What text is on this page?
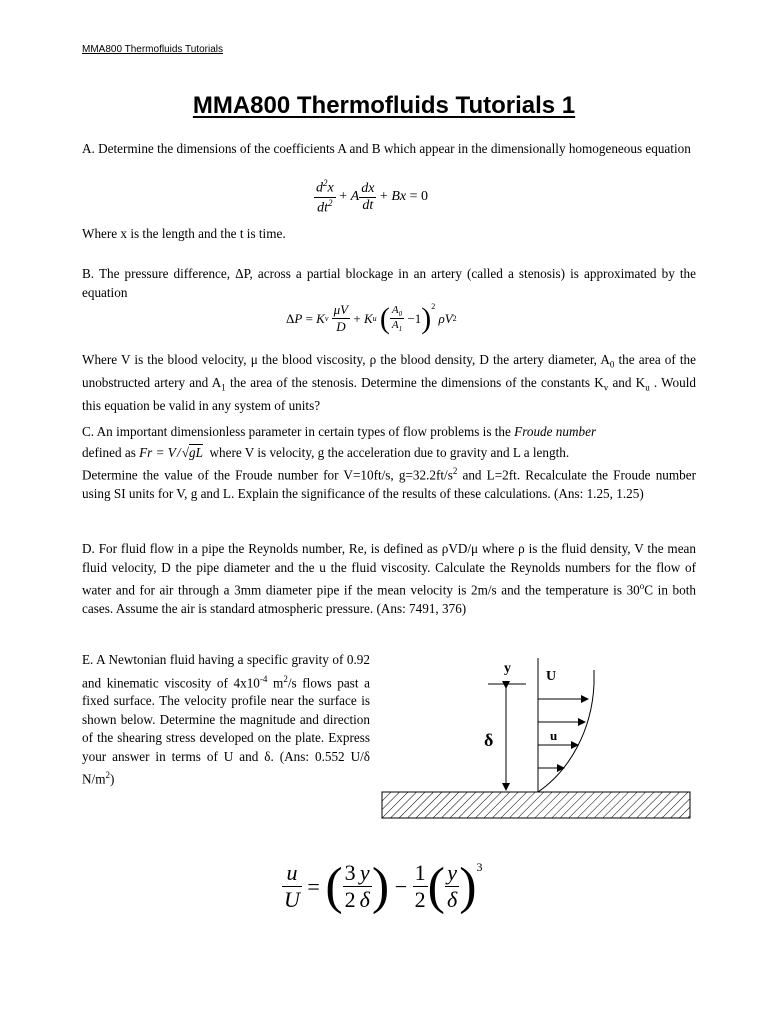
MMA800 Thermofluids Tutorials
MMA800 Thermofluids Tutorials 1

A. Determine the dimensions of the coefficients A and B which appear in the dimensionally homogeneous equation

$\frac{d^2x}{dt^2} + A \frac{dx}{dt} + Bx = 0$
Where x is the length and the t is time.
B. The pressure difference, ΔP, across a partial blockage in an artery (called a stenosis) is approximated by the equation
Δ P = K v
$\frac{\mu V}{D} + K$ u
( $\frac{A_0}{A_1} -1$ )$^2$
ρV 2

Where V is the blood velocity, μ the blood viscosity, ρ the blood density, D the artery diameter, $A_0$ the area of the unobstructed artery and $A_1$ the area of the stenosis. Determine the dimensions of the constants $K_v$ and $K_u$ . Would this equation be valid in any system of units?

C. An important dimensionless parameter in certain types of flow problems is the Froude number

defined as Fr = V / √gL  where V is velocity, g the acceleration due to gravity and L a length.

Determine the value of the Froude number for V=10ft/s, $g=32.2ft/s^2$ and L=2ft. Recalculate the Froude number using SI units for V, g and L. Explain the significance of the results of these calculations. (Ans: 1.25, 1.25)

D. For fluid flow in a pipe the Reynolds number, Re, is defined as ρVD/μ where ρ is the fluid density, V the mean fluid velocity, D the pipe diameter and the u the fluid viscosity. Calculate the Reynolds numbers for the flow of water and for air through a 3mm diameter pipe if the mean velocity is 2m/s and the temperature is 30$^o$C in both cases. Assume the air is standard atmospheric pressure. (Ans: 7491, 376)

E. A Newtonian fluid having a specific gravity of 0.92 and kinematic viscosity of $4x10^{-4}$ $m^2/s$ flows past a fixed surface. The velocity profile near the surface is shown below. Determine the magnitude and direction of the shearing stress developed on the plate. Express your answer in terms of U and δ. (Ans: 0.552 U/δ $N/m^2$)

y
U
u
δ
$\frac{u}{U}$ = ( $\frac{3}{2} \frac{y}{\delta}$ ) − $\frac{1}{2}$ ( $\frac{y}{\delta} )^3$
